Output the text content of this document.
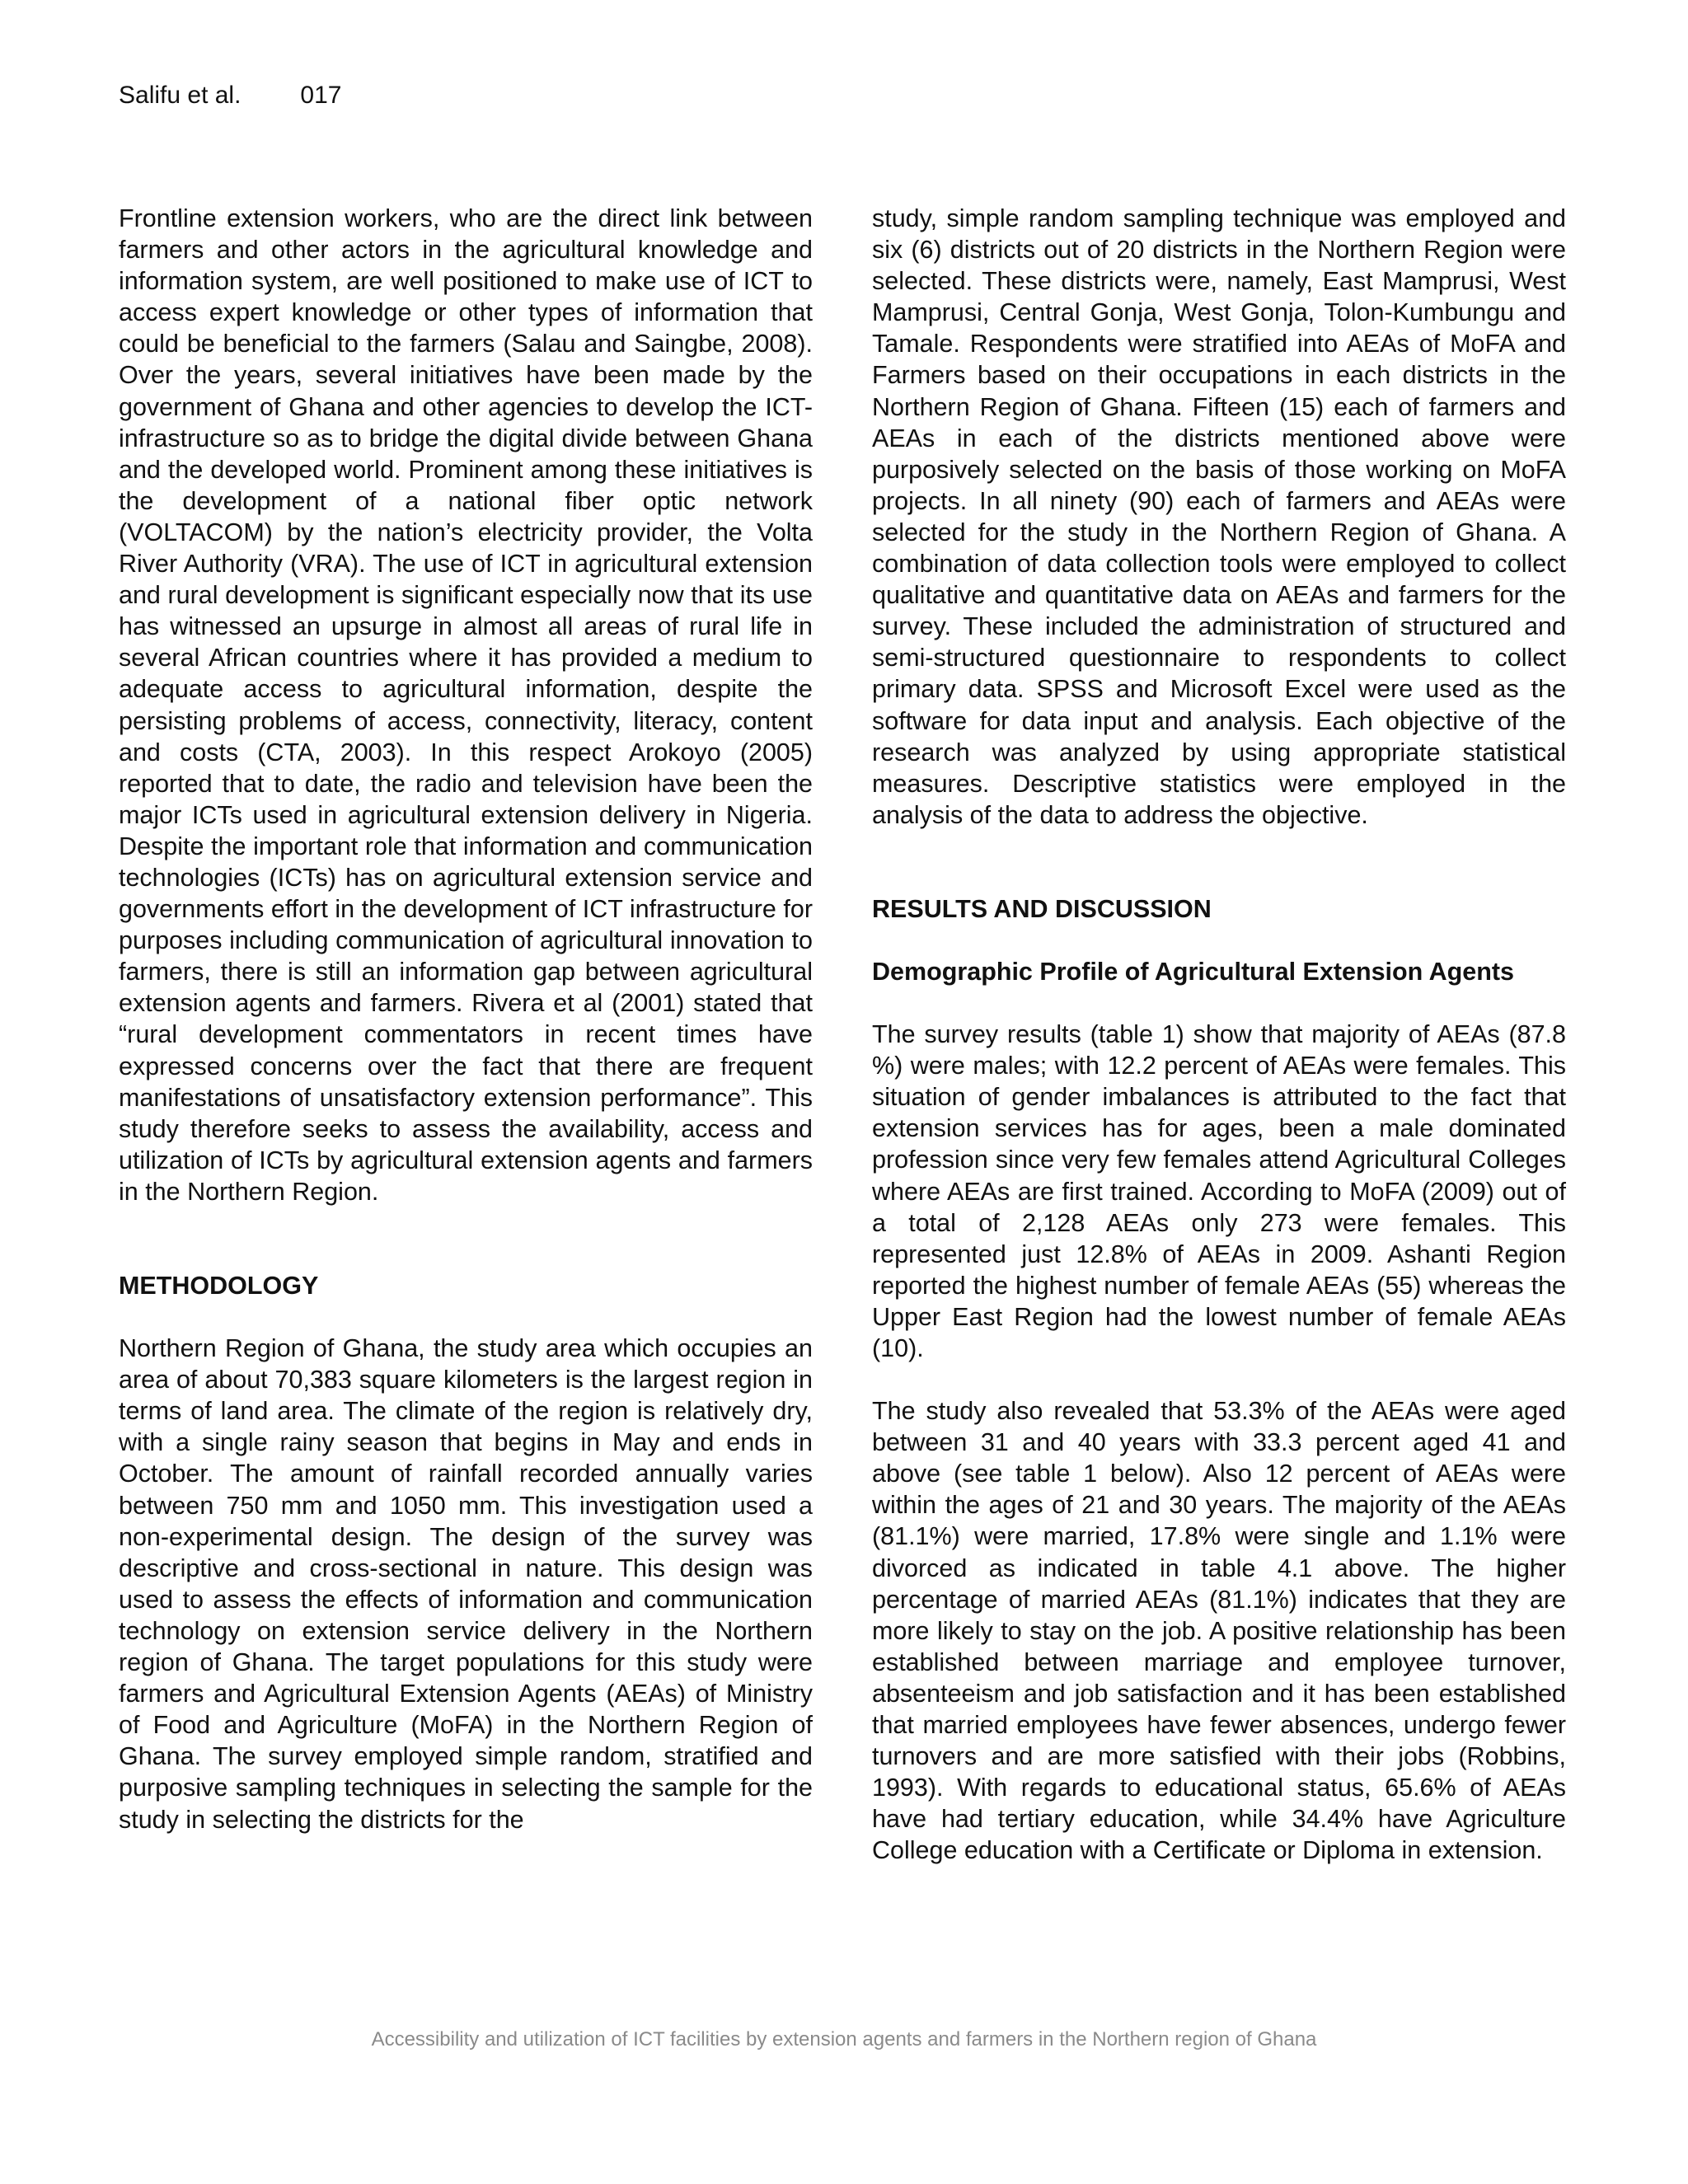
Salifu et al. 017

Frontline extension workers, who are the direct link between farmers and other actors in the agricultural knowledge and information system, are well positioned to make use of ICT to access expert knowledge or other types of information that could be beneficial to the farmers (Salau and Saingbe, 2008). Over the years, several initiatives have been made by the government of Ghana and other agencies to develop the ICT-infrastructure so as to bridge the digital divide between Ghana and the developed world. Prominent among these initiatives is the development of a national fiber optic network (VOLTACOM) by the nation’s electricity provider, the Volta River Authority (VRA). The use of ICT in agricultural extension and rural development is significant especially now that its use has witnessed an upsurge in almost all areas of rural life in several African countries where it has provided a medium to adequate access to agricultural information, despite the persisting problems of access, connectivity, literacy, content and costs (CTA, 2003). In this respect Arokoyo (2005) reported that to date, the radio and television have been the major ICTs used in agricultural extension delivery in Nigeria. Despite the important role that information and communication technologies (ICTs) has on agricultural extension service and governments effort in the development of ICT infrastructure for purposes including communication of agricultural innovation to farmers, there is still an information gap between agricultural extension agents and farmers. Rivera et al (2001) stated that “rural development commentators in recent times have expressed concerns over the fact that there are frequent manifestations of unsatisfactory extension performance”. This study therefore seeks to assess the availability, access and utilization of ICTs by agricultural extension agents and farmers in the Northern Region.

METHODOLOGY

Northern Region of Ghana, the study area which occupies an area of about 70,383 square kilometers is the largest region in terms of land area. The climate of the region is relatively dry, with a single rainy season that begins in May and ends in October. The amount of rainfall recorded annually varies between 750 mm and 1050 mm. This investigation used a non-experimental design. The design of the survey was descriptive and cross-sectional in nature. This design was used to assess the effects of information and communication technology on extension service delivery in the Northern region of Ghana. The target populations for this study were farmers and Agricultural Extension Agents (AEAs) of Ministry of Food and Agriculture (MoFA) in the Northern Region of Ghana. The survey employed simple random, stratified and purposive sampling techniques in selecting the sample for the study in selecting the districts for the

study, simple random sampling technique was employed and six (6) districts out of 20 districts in the Northern Region were selected. These districts were, namely, East Mamprusi, West Mamprusi, Central Gonja, West Gonja, Tolon-Kumbungu and Tamale. Respondents were stratified into AEAs of MoFA and Farmers based on their occupations in each districts in the Northern Region of Ghana. Fifteen (15) each of farmers and AEAs in each of the districts mentioned above were purposively selected on the basis of those working on MoFA projects. In all ninety (90) each of farmers and AEAs were selected for the study in the Northern Region of Ghana. A combination of data collection tools were employed to collect qualitative and quantitative data on AEAs and farmers for the survey. These included the administration of structured and semi-structured questionnaire to respondents to collect primary data. SPSS and Microsoft Excel were used as the software for data input and analysis. Each objective of the research was analyzed by using appropriate statistical measures. Descriptive statistics were employed in the analysis of the data to address the objective.

RESULTS AND DISCUSSION

Demographic Profile of Agricultural Extension Agents

The survey results (table 1) show that majority of AEAs (87.8 %) were males; with 12.2 percent of AEAs were females. This situation of gender imbalances is attributed to the fact that extension services has for ages, been a male dominated profession since very few females attend Agricultural Colleges where AEAs are first trained. According to MoFA (2009) out of a total of 2,128 AEAs only 273 were females. This represented just 12.8% of AEAs in 2009. Ashanti Region reported the highest number of female AEAs (55) whereas the Upper East Region had the lowest number of female AEAs (10).

The study also revealed that 53.3% of the AEAs were aged between 31 and 40 years with 33.3 percent aged 41 and above (see table 1 below). Also 12 percent of AEAs were within the ages of 21 and 30 years. The majority of the AEAs (81.1%) were married, 17.8% were single and 1.1% were divorced as indicated in table 4.1 above. The higher percentage of married AEAs (81.1%) indicates that they are more likely to stay on the job. A positive relationship has been established between marriage and employee turnover, absenteeism and job satisfaction and it has been established that married employees have fewer absences, undergo fewer turnovers and are more satisfied with their jobs (Robbins, 1993). With regards to educational status, 65.6% of AEAs have had tertiary education, while 34.4% have Agriculture College education with a Certificate or Diploma in extension.

Accessibility and utilization of ICT facilities by extension agents and farmers in the Northern region of Ghana
